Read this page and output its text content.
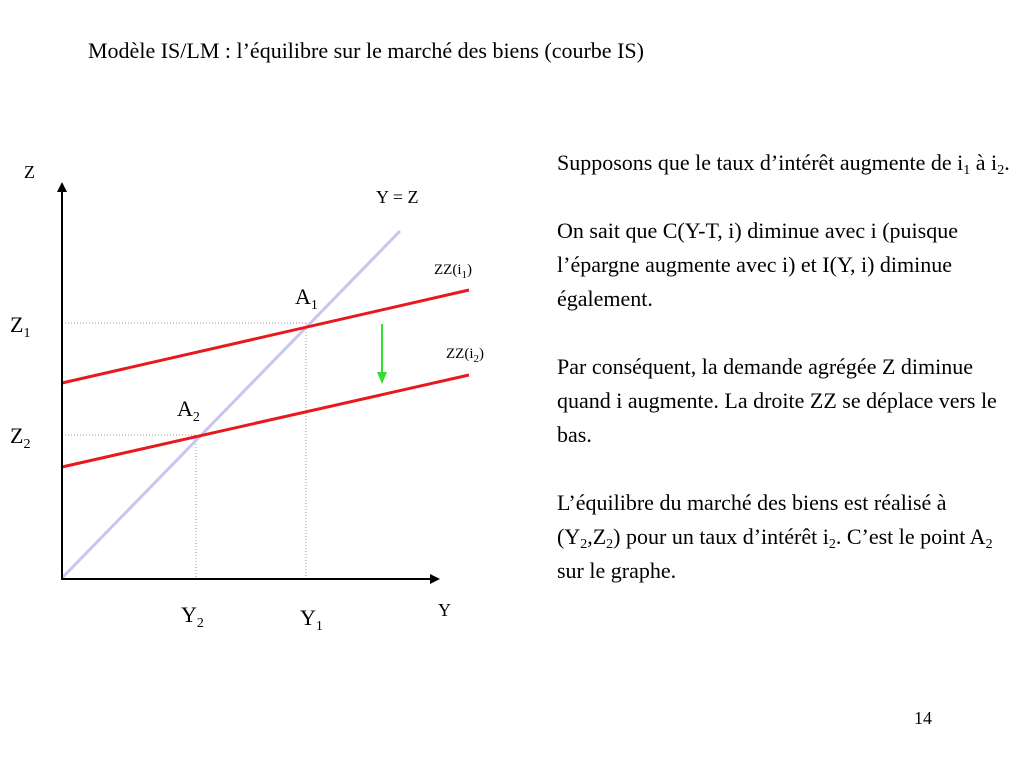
Modèle IS/LM : l’équilibre sur le marché des biens (courbe IS)
Z
Y
Y = Z
$ZZ(i_1)$
$ZZ(i_2)$
$A_1$
$A_2$
$Z_1$
$Z_2$
$Y_2$	$Y_1$

Supposons que le taux d’intérêt augmente de $i_1$ à $i_2$.

On sait que C(Y-T, i) diminue avec i (puisque l’épargne augmente avec i) et I(Y, i) diminue également.

Par conséquent, la demande agrégée Z diminue quand i augmente. La droite ZZ se déplace vers le bas.

L’équilibre du marché des biens est réalisé à $(Y_2,Z_2)$ pour un taux d’intérêt $i_2$. C’est le point $A_2$ sur le graphe.

14
